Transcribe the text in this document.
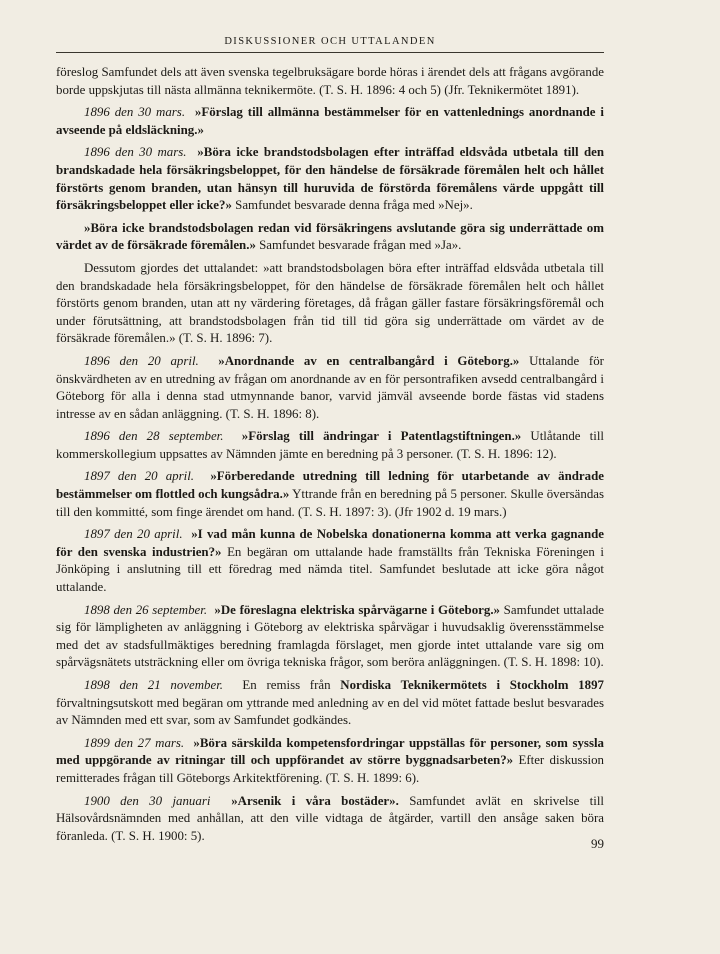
DISKUSSIONER OCH UTTALANDEN

föreslog Samfundet dels att även svenska tegelbruksägare borde höras i ärendet dels att frågans avgörande borde uppskjutas till nästa allmänna teknikermöte. (T. S. H. 1896: 4 och 5) (Jfr. Teknikermötet 1891).

1896 den 30 mars. »Förslag till allmänna bestämmelser för en vattenlednings anordnande i avseende på eldsläckning.»

1896 den 30 mars. »Böra icke brandstodsbolagen efter inträffad eldsvåda utbetala till den brandskadade hela försäkringsbeloppet, för den händelse de försäkrade föremålen helt och hållet förstörts genom branden, utan hänsyn till huruvida de förstörda föremålens värde uppgått till försäkringsbeloppet eller icke?» Samfundet besvarade denna fråga med »Nej».

»Böra icke brandstodsbolagen redan vid försäkringens avslutande göra sig underrättade om värdet av de försäkrade föremålen.» Samfundet besvarade frågan med »Ja».

Dessutom gjordes det uttalandet: »att brandstodsbolagen böra efter inträffad eldsvåda utbetala till den brandskadade hela försäkringsbeloppet, för den händelse de försäkrade föremålen helt och hållet förstörts genom branden, utan att ny värdering företages, då frågan gäller fastare försäkringsföremål och under förutsättning, att brandstodsbolagen från tid till tid göra sig underrättade om värdet av de försäkrade föremålen.» (T. S. H. 1896: 7).

1896 den 20 april. »Anordnande av en centralbangård i Göteborg.» Uttalande för önskvärdheten av en utredning av frågan om anordnande av en för persontrafiken avsedd centralbangård i Göteborg för alla i denna stad utmynnande banor, varvid jämväl avseende borde fästas vid stadens intresse av en sådan anläggning. (T. S. H. 1896: 8).

1896 den 28 september. »Förslag till ändringar i Patentlagstiftningen.» Utlåtande till kommerskollegium uppsattes av Nämnden jämte en beredning på 3 personer. (T. S. H. 1896: 12).

1897 den 20 april. »Förberedande utredning till ledning för utarbetande av ändrade bestämmelser om flottled och kungsådra.» Yttrande från en beredning på 5 personer. Skulle översändas till den kommitté, som finge ärendet om hand. (T. S. H. 1897: 3). (Jfr 1902 d. 19 mars.)

1897 den 20 april. »I vad mån kunna de Nobelska donationerna komma att verka gagnande för den svenska industrien?» En begäran om uttalande hade framställts från Tekniska Föreningen i Jönköping i anslutning till ett föredrag med nämda titel. Samfundet beslutade att icke göra något uttalande.

1898 den 26 september. »De föreslagna elektriska spårvägarne i Göteborg.» Samfundet uttalade sig för lämpligheten av anläggning i Göteborg av elektriska spårvägar i huvudsaklig överensstämmelse med det av stadsfullmäktiges beredning framlagda förslaget, men gjorde intet uttalande vare sig om spårvägsnätets utsträckning eller om övriga tekniska frågor, som beröra anläggningen. (T. S. H. 1898: 10).

1898 den 21 november. En remiss från Nordiska Teknikermötets i Stockholm 1897 förvaltningsutskott med begäran om yttrande med anledning av en del vid mötet fattade beslut besvarades av Nämnden med ett svar, som av Samfundet godkändes.

1899 den 27 mars. »Böra särskilda kompetensfordringar uppställas för personer, som syssla med uppgörande av ritningar till och uppförandet av större byggnadsarbeten?» Efter diskussion remitterades frågan till Göteborgs Arkitektförening. (T. S. H. 1899: 6).

1900 den 30 januari »Arsenik i våra bostäder». Samfundet avlät en skrivelse till Hälsovårdsnämnden med anhållan, att den ville vidtaga de åtgärder, vartill den ansåge saken böra föranleda. (T. S. H. 1900: 5).

99
